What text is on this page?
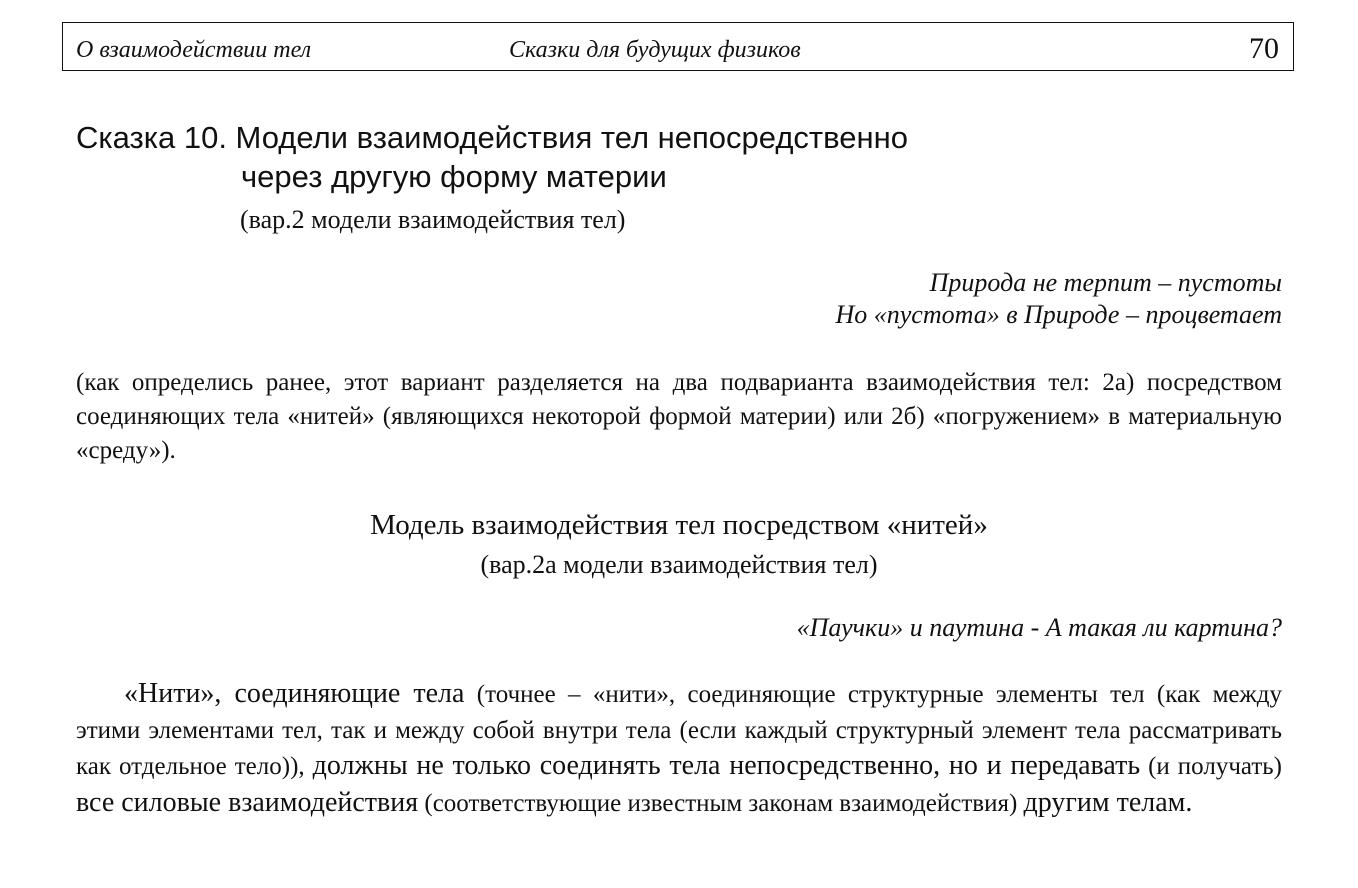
О взаимодействии тел	Сказки для будущих физиков	70
Сказка 10. Модели взаимодействия тел непосредственно
через другую форму материи
(вар.2 модели взаимодействия тел)
Природа не терпит – пустоты
Но «пустота» в Природе – процветает

(как определись ранее, этот вариант разделяется на два подварианта взаимодействия тел: 2а) посредством соединяющих тела «нитей» (являющихся некоторой формой материи) или 2б) «погружением» в материальную «среду»).

Модель взаимодействия тел посредством «нитей»
(вар.2а модели взаимодействия тел)
«Паучки» и паутина - А такая ли картина?

«Нити», соединяющие тела (точнее – «нити», соединяющие структурные элементы тел (как между этими элементами тел, так и между собой внутри тела (если каждый структурный элемент тела рассматривать как отдельное тело)), должны не только соединять тела непосредственно, но и передавать (и получать) все силовые взаимодействия (соответствующие известным законам взаимодействия) другим телам.
